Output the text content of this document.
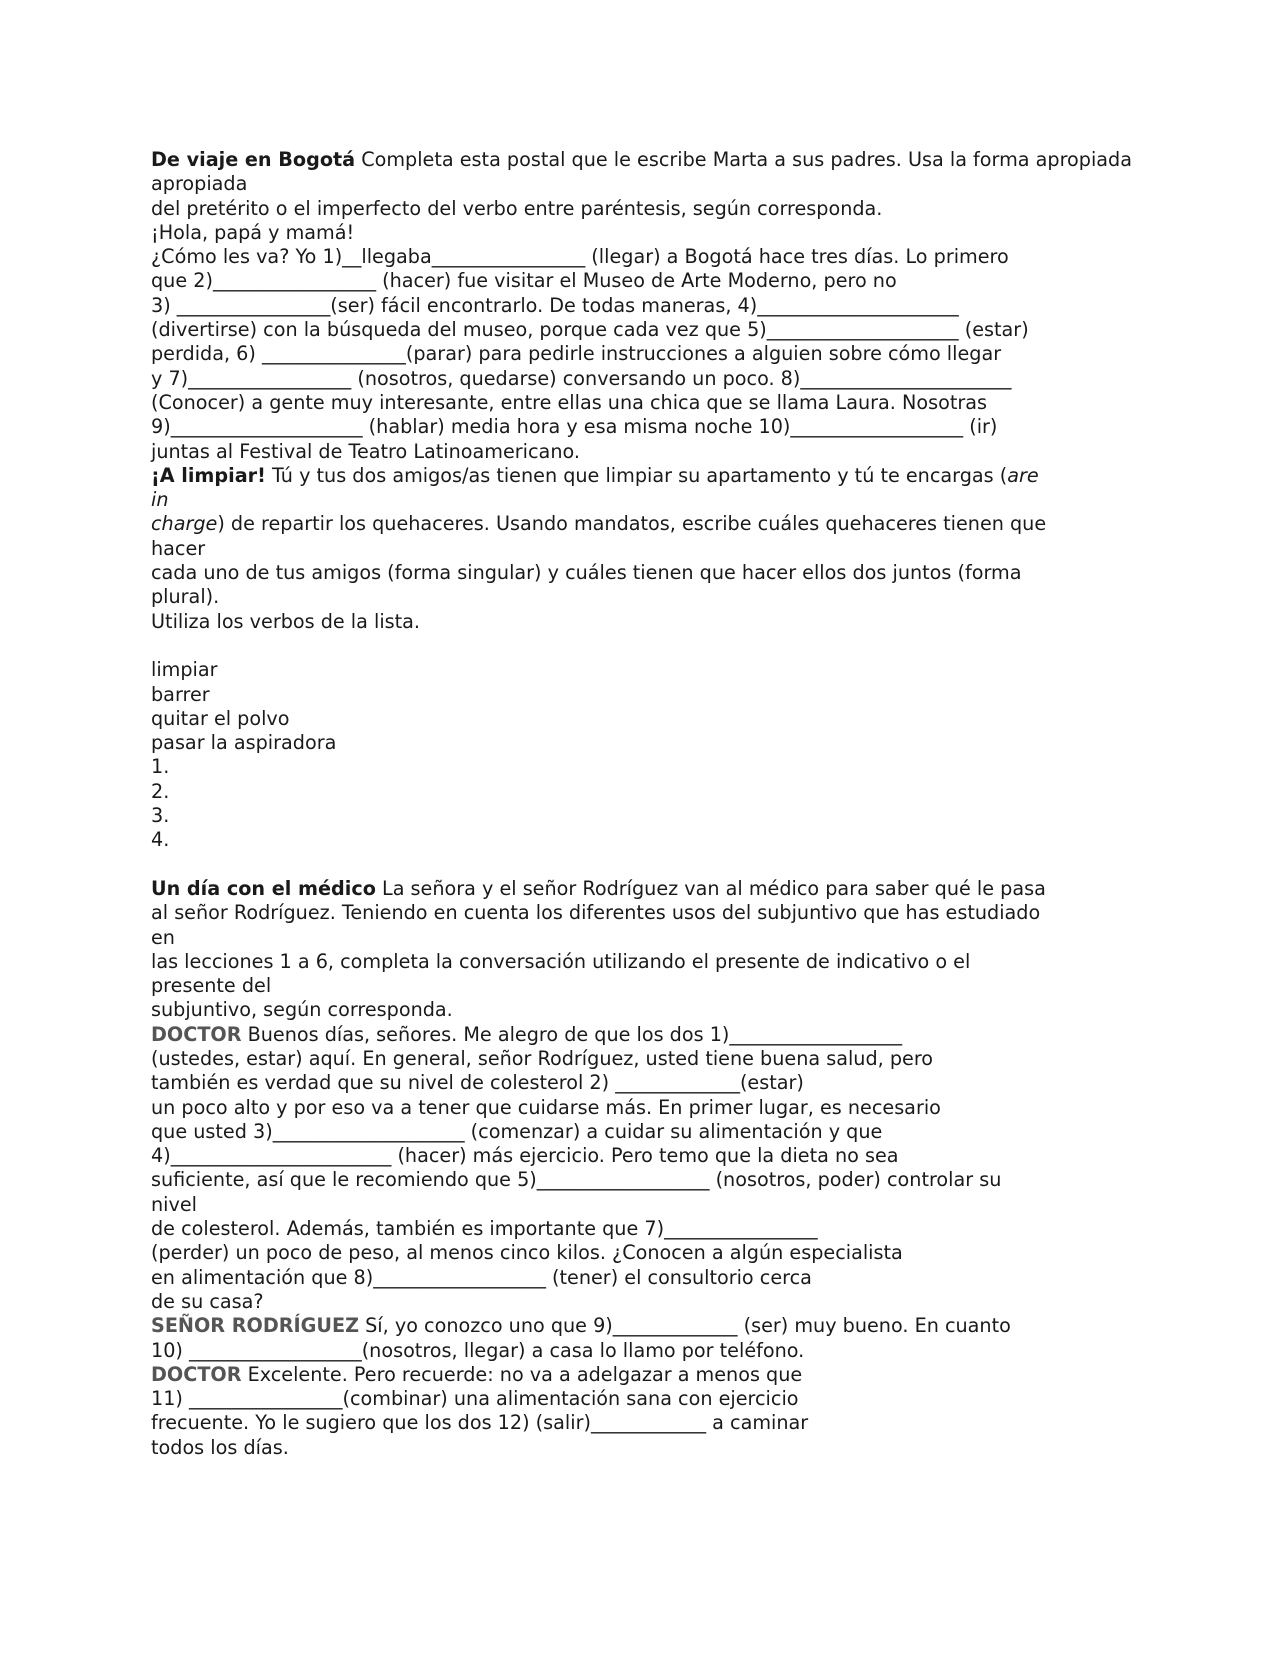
De viaje en Bogotá Completa esta postal que le escribe Marta a sus padres. Usa la forma apropiada
apropiada
del pretérito o el imperfecto del verbo entre paréntesis, según corresponda.
¡Hola, papá y mamá!
¿Cómo les va? Yo 1)__llegaba________________ (llegar) a Bogotá hace tres días. Lo primero
que 2)_________________ (hacer) fue visitar el Museo de Arte Moderno, pero no
3) ________________(ser) fácil encontrarlo. De todas maneras, 4)_____________________
(divertirse) con la búsqueda del museo, porque cada vez que 5)____________________ (estar)
perdida, 6) _______________(parar) para pedirle instrucciones a alguien sobre cómo llegar
y 7)_________________ (nosotros, quedarse) conversando un poco. 8)______________________
(Conocer) a gente muy interesante, entre ellas una chica que se llama Laura. Nosotras
9)____________________ (hablar) media hora y esa misma noche 10)__________________ (ir)
juntas al Festival de Teatro Latinoamericano.
¡A limpiar! Tú y tus dos amigos/as tienen que limpiar su apartamento y tú te encargas (are
in
charge) de repartir los quehaceres. Usando mandatos, escribe cuáles quehaceres tienen que
hacer
cada uno de tus amigos (forma singular) y cuáles tienen que hacer ellos dos juntos (forma
plural).
Utiliza los verbos de la lista.
limpiar
barrer
quitar el polvo
pasar la aspiradora
1.
2.
3.
4.
Un día con el médico La señora y el señor Rodríguez van al médico para saber qué le pasa
al señor Rodríguez. Teniendo en cuenta los diferentes usos del subjuntivo que has estudiado
en
las lecciones 1 a 6, completa la conversación utilizando el presente de indicativo o el
presente del
subjuntivo, según corresponda.
DOCTOR Buenos días, señores. Me alegro de que los dos 1)__________________
(ustedes, estar) aquí. En general, señor Rodríguez, usted tiene buena salud, pero
también es verdad que su nivel de colesterol 2) _____________(estar)
un poco alto y por eso va a tener que cuidarse más. En primer lugar, es necesario
que usted 3)____________________ (comenzar) a cuidar su alimentación y que
4)_______________________ (hacer) más ejercicio. Pero temo que la dieta no sea
suficiente, así que le recomiendo que 5)__________________ (nosotros, poder) controlar su
nivel
de colesterol. Además, también es importante que 7)________________
(perder) un poco de peso, al menos cinco kilos. ¿Conocen a algún especialista
en alimentación que 8)__________________ (tener) el consultorio cerca
de su casa?
SEÑOR RODRÍGUEZ Sí, yo conozco uno que 9)_____________ (ser) muy bueno. En cuanto
10) __________________(nosotros, llegar) a casa lo llamo por teléfono.
DOCTOR Excelente. Pero recuerde: no va a adelgazar a menos que
11) ________________(combinar) una alimentación sana con ejercicio
frecuente. Yo le sugiero que los dos 12) (salir)____________ a caminar
todos los días.
